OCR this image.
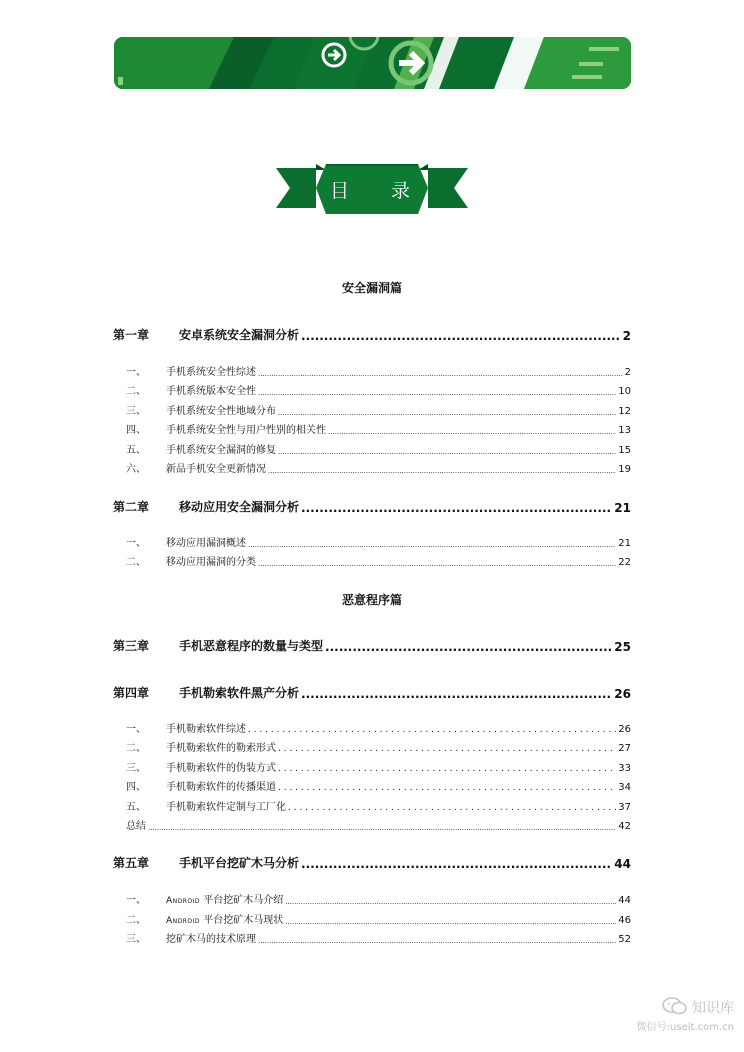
目 录
安全漏洞篇
第一章	安卓系统安全漏洞分析 .....	2
一、	手机系统安全性综述 .....	2
二、	手机系统版本安全性 .....	10
三、	手机系统安全性地域分布 .....	12
四、	手机系统安全性与用户性别的相关性 .....	13
五、	手机系统安全漏洞的修复 .....	15
六、	新品手机安全更新情况 .....	19
第二章	移动应用安全漏洞分析 .....	21
一、	移动应用漏洞概述 .....	21
二、	移动应用漏洞的分类 .....	22
恶意程序篇
第三章	手机恶意程序的数量与类型 .....	25
第四章	手机勒索软件黑产分析 .....	26
一、	手机勒索软件综述 . . .	26
二、	手机勒索软件的勒索形式 . . .	27
三、	手机勒索软件的伪装方式 . . .	33
四、	手机勒索软件的传播渠道 . . .	34
五、	手机勒索软件定制与工厂化 . . .	37
总结 .....	42
第五章	手机平台挖矿木马分析 .....	44
一、	Android 平台挖矿木马介绍 .....	44
二、	Android 平台挖矿木马现状 .....	46
三、	挖矿木马的技术原理 .....	52
知识库
微信号:useit.com.cn
